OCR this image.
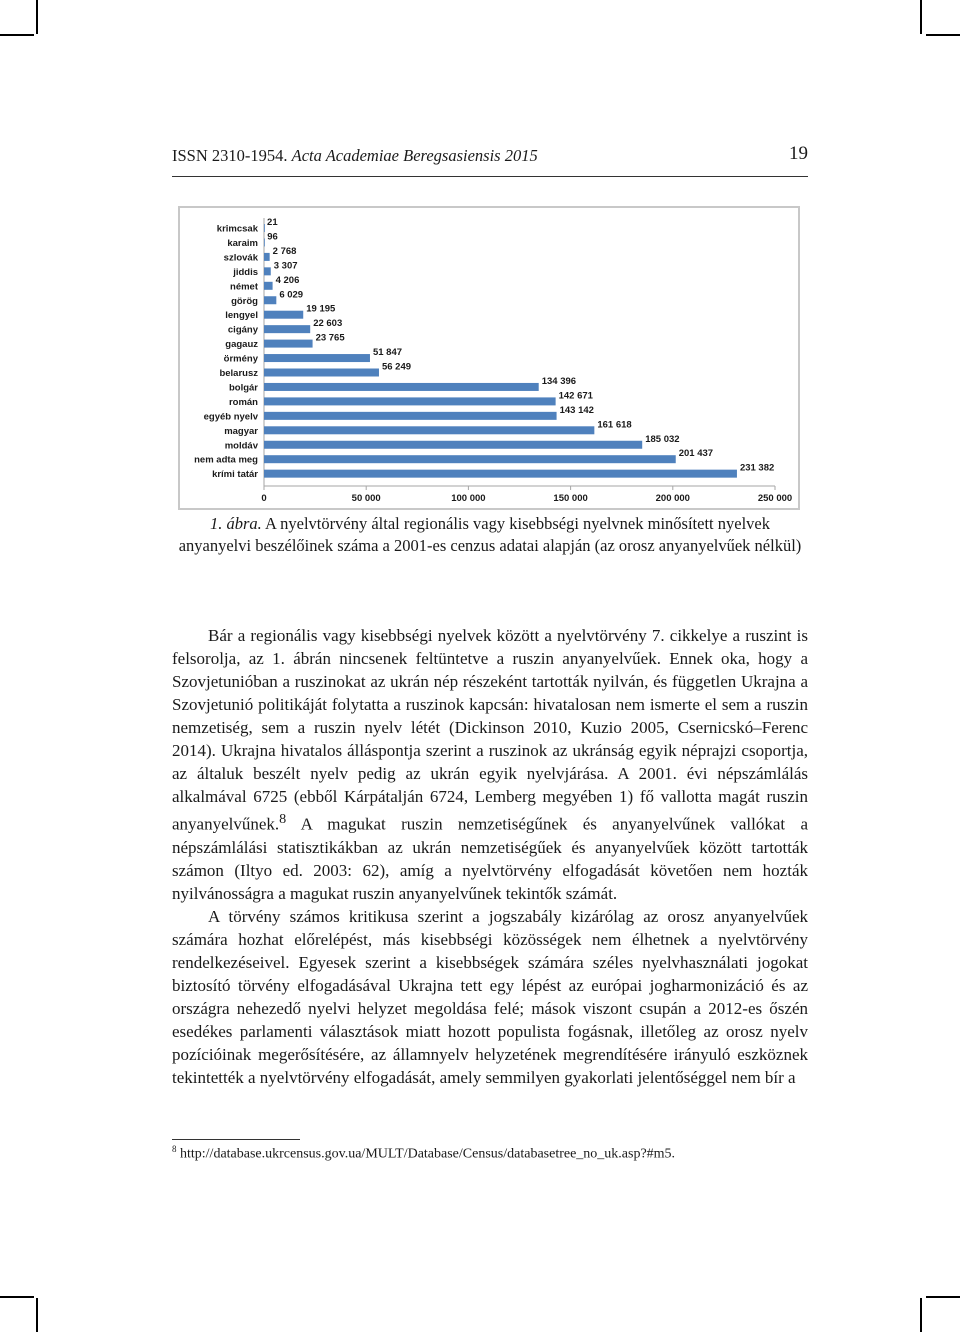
ISSN 2310-1954. Acta Academiae Beregsasiensis 2015	19
krimcsak
21
karaim
96
szlovák
2 768
jiddis
3 307
német
4 206
görög
6 029
lengyel
19 195
cigány
22 603
gagauz
23 765
örmény
51 847
belarusz
56 249
bolgár
134 396
román
142 671
egyéb nyelv
143 142
magyar
161 618
moldáv
185 032
nem adta meg
201 437
krími tatár
231 382
0	50 000	100 000	150 000	200 000	250 000
1. ábra. A nyelvtörvény által regionális vagy kisebbségi nyelvnek minősített nyelvek anyanyelvi beszélőinek száma a 2001-es cenzus adatai alapján (az orosz anyanyelvűek nélkül)

Bár a regionális vagy kisebbségi nyelvek között a nyelvtörvény 7. cikkelye a ruszint is felsorolja, az 1. ábrán nincsenek feltüntetve a ruszin anyanyelvűek. Ennek oka, hogy a Szovjetunióban a ruszinokat az ukrán nép részeként tartották nyilván, és független Ukrajna a Szovjetunió politikáját folytatta a ruszinok kapcsán: hivatalosan nem ismerte el sem a ruszin nemzetiség, sem a ruszin nyelv létét (Dickinson 2010, Kuzio 2005, Csernicskó–Ferenc 2014). Ukrajna hivatalos álláspontja szerint a ruszinok az ukránság egyik néprajzi csoportja, az általuk beszélt nyelv pedig az ukrán egyik nyelvjárása. A 2001. évi népszámlálás alkalmával 6725 (ebből Kárpátalján 6724, Lemberg megyében 1) fő vallotta magát ruszin anyanyelvűnek.$^8$ A magukat ruszin nemzetiségűnek és anyanyelvűnek vallókat a népszámlálási statisztikákban az ukrán nemzetiségűek és anyanyelvűek között tartották számon (Iltyo ed. 2003: 62), amíg a nyelvtörvény elfogadását követően nem hozták nyilvánosságra a magukat ruszin anyanyelvűnek tekintők számát.

A törvény számos kritikusa szerint a jogszabály kizárólag az orosz anyanyelvűek számára hozhat előrelépést, más kisebbségi közösségek nem élhetnek a nyelvtörvény rendelkezéseivel. Egyesek szerint a kisebbségek számára széles nyelvhasználati jogokat biztosító törvény elfogadásával Ukrajna tett egy lépést az európai jogharmonizáció és az országra nehezedő nyelvi helyzet megoldása felé; mások viszont csupán a 2012-es őszén esedékes parlamenti választások miatt hozott populista fogásnak, illetőleg az orosz nyelv pozícióinak megerősítésére, az államnyelv helyzetének megrendítésére irányuló eszköznek tekintették a nyelvtörvény elfogadását, amely semmilyen gyakorlati jelentőséggel nem bír a

$^8$ http://database.ukrcensus.gov.ua/MULT/Database/Census/databasetree_no_uk.asp?#m5.
